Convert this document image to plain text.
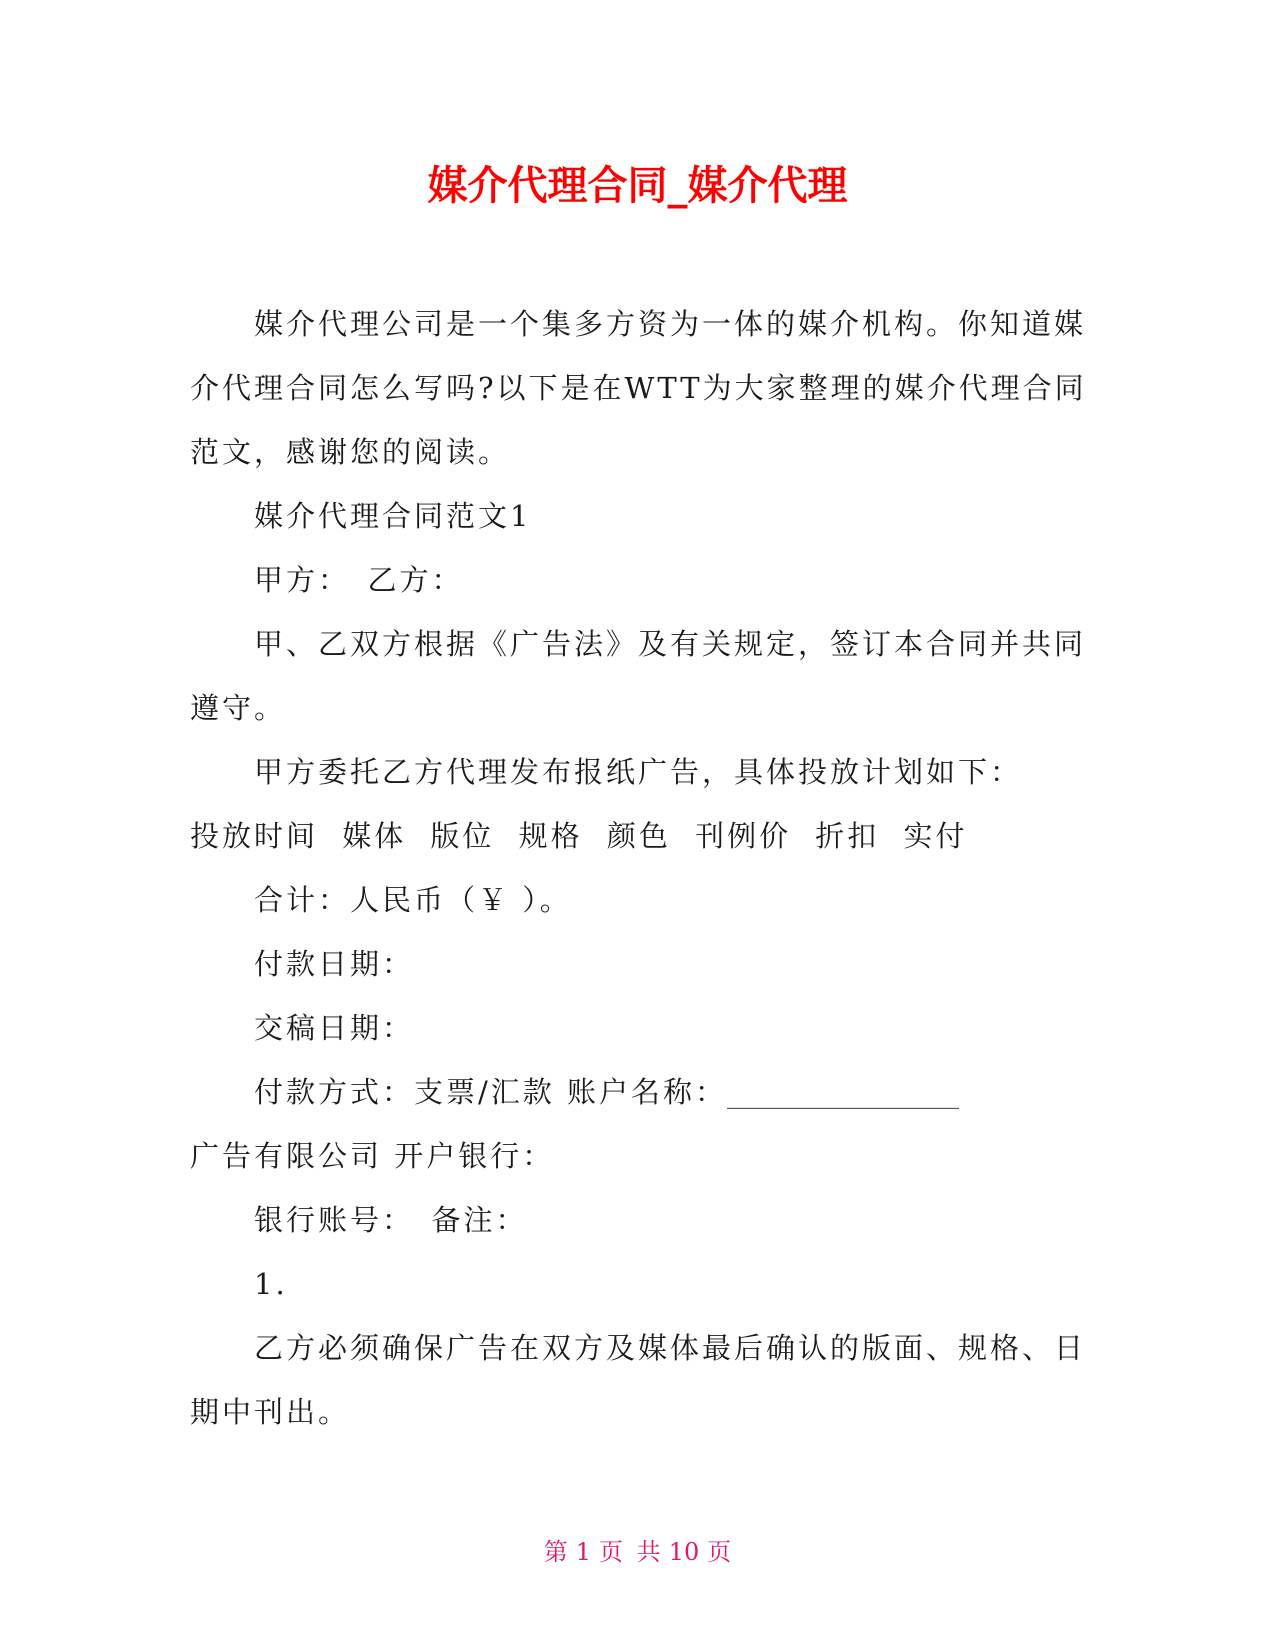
媒介代理合同_媒介代理

媒介代理公司是一个集多方资为一体的媒介机构。你知道媒介代理合同怎么写吗?以下是在WTT为大家整理的媒介代理合同范文，感谢您的阅读。

媒介代理合同范文1

甲方：　乙方：

甲、乙双方根据《广告法》及有关规定，签订本合同并共同遵守。

甲方委托乙方代理发布报纸广告，具体投放计划如下：

投放时间 媒体 版位 规格 颜色 刊例价 折扣 实付

合计：人民币（￥ ）。

付款日期：

交稿日期：

付款方式：支票/汇款 账户名称：________________

广告有限公司 开户银行：

银行账号：　备注：

1.

乙方必须确保广告在双方及媒体最后确认的版面、规格、日期中刊出。

第 1 页 共 10 页
